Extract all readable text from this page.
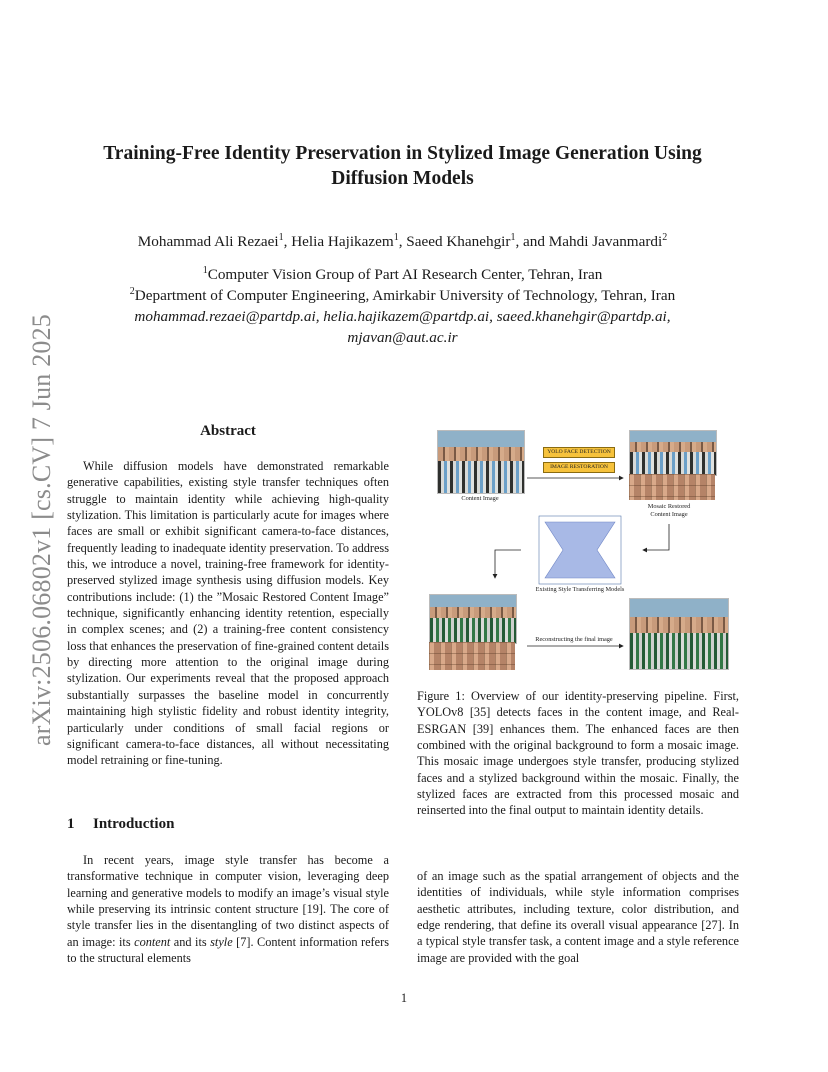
arXiv:2506.06802v1 [cs.CV] 7 Jun 2025
Training-Free Identity Preservation in Stylized Image Generation Using Diffusion Models
Mohammad Ali Rezaei$^1$, Helia Hajikazem$^1$, Saeed Khanehgir$^1$, and Mahdi Javanmardi$^2$
$^1$Computer Vision Group of Part AI Research Center, Tehran, Iran
$^2$Department of Computer Engineering, Amirkabir University of Technology, Tehran, Iran
mohammad.rezaei@partdp.ai, helia.hajikazem@partdp.ai, saeed.khanehgir@partdp.ai,
mjavan@aut.ac.ir
Abstract
While diffusion models have demonstrated remarkable generative capabilities, existing style transfer techniques often struggle to maintain identity while achieving high-quality stylization. This limitation is particularly acute for images where faces are small or exhibit significant camera-to-face distances, frequently leading to inadequate identity preservation. To address this, we introduce a novel, training-free framework for identity-preserved stylized image synthesis using diffusion models. Key contributions include: (1) the ”Mosaic Restored Content Image” technique, significantly enhancing identity retention, especially in complex scenes; and (2) a training-free content consistency loss that enhances the preservation of fine-grained content details by directing more attention to the original image during stylization. Our experiments reveal that the proposed approach substantially surpasses the baseline model in concurrently maintaining high stylistic fidelity and robust identity integrity, particularly under conditions of small facial regions or significant camera-to-face distances, all without necessitating model retraining or fine-tuning.
Content Image
YOLO FACE DETECTION
IMAGE RESTORATION
Mosaic Restored Content Image
Existing Style Transferring Models
Reconstructing the final image
Figure 1: Overview of our identity-preserving pipeline. First, YOLOv8 [35] detects faces in the content image, and Real-ESRGAN [39] enhances them. The enhanced faces are then combined with the original background to form a mosaic image. This mosaic image undergoes style transfer, producing stylized faces and a stylized background within the mosaic. Finally, the stylized faces are extracted from this processed mosaic and reinserted into the final output to maintain identity details.
1 Introduction
In recent years, image style transfer has become a transformative technique in computer vision, leveraging deep learning and generative models to modify an image’s visual style while preserving its intrinsic content structure [19]. The core of style transfer lies in the disentangling of two distinct aspects of an image: its content and its style [7]. Content information refers to the structural elements
of an image such as the spatial arrangement of objects and the identities of individuals, while style information comprises aesthetic attributes, including texture, color distribution, and edge rendering, that define its overall visual appearance [27]. In a typical style transfer task, a content image and a style reference image are provided with the goal
1
